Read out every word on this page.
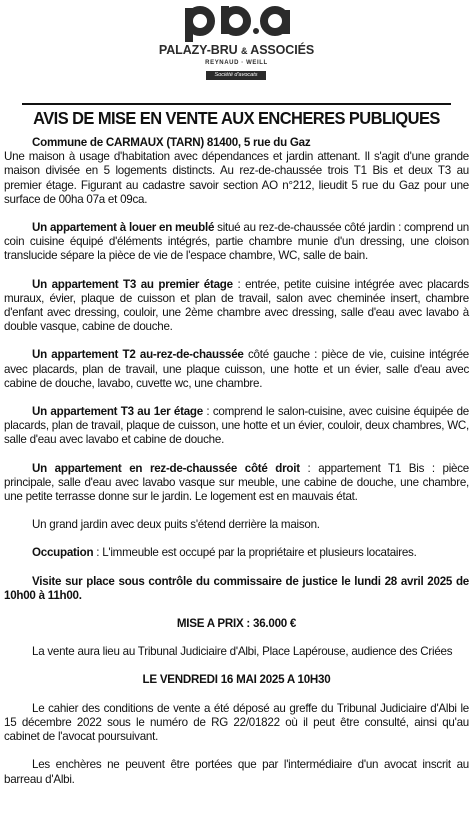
PALAZY-BRU & ASSOCIÉS
REYNAUD · WEILL
Société d'avocats
AVIS DE MISE EN VENTE AUX ENCHERES PUBLIQUES

Commune de CARMAUX (TARN) 81400, 5 rue du Gaz
Une maison à usage d'habitation avec dépendances et jardin attenant. Il s'agit d'une grande maison divisée en 5 logements distincts. Au rez-de-chaussée trois T1 Bis et deux T3 au premier étage. Figurant au cadastre savoir section AO n°212, lieudit 5 rue du Gaz pour une surface de 00ha 07a et 09ca.

Un appartement à louer en meublé situé au rez-de-chaussée côté jardin : comprend un coin cuisine équipé d'éléments intégrés, partie chambre munie d'un dressing, une cloison translucide sépare la pièce de vie de l'espace chambre, WC, salle de bain.

Un appartement T3 au premier étage : entrée, petite cuisine intégrée avec placards muraux, évier, plaque de cuisson et plan de travail, salon avec cheminée insert, chambre d'enfant avec dressing, couloir, une 2ème chambre avec dressing, salle d'eau avec lavabo à double vasque, cabine de douche.

Un appartement T2 au-rez-de-chaussée côté gauche : pièce de vie, cuisine intégrée avec placards, plan de travail, une plaque cuisson, une hotte et un évier, salle d'eau avec cabine de douche, lavabo, cuvette wc, une chambre.

Un appartement T3 au 1er étage : comprend le salon-cuisine, avec cuisine équipée de placards, plan de travail, plaque de cuisson, une hotte et un évier, couloir, deux chambres, WC, salle d'eau avec lavabo et cabine de douche.

Un appartement en rez-de-chaussée côté droit : appartement T1 Bis : pièce principale, salle d'eau avec lavabo vasque sur meuble, une cabine de douche, une chambre, une petite terrasse donne sur le jardin. Le logement est en mauvais état.

Un grand jardin avec deux puits s'étend derrière la maison.

Occupation : L'immeuble est occupé par la propriétaire et plusieurs locataires.

Visite sur place sous contrôle du commissaire de justice le lundi 28 avril 2025 de 10h00 à 11h00.

MISE A PRIX : 36.000 €

La vente aura lieu au Tribunal Judiciaire d'Albi, Place Lapérouse, audience des Criées

LE VENDREDI 16 MAI 2025 A 10H30

Le cahier des conditions de vente a été déposé au greffe du Tribunal Judiciaire d'Albi le 15 décembre 2022 sous le numéro de RG 22/01822 où il peut être consulté, ainsi qu'au cabinet de l'avocat poursuivant.

Les enchères ne peuvent être portées que par l'intermédiaire d'un avocat inscrit au barreau d'Albi.
